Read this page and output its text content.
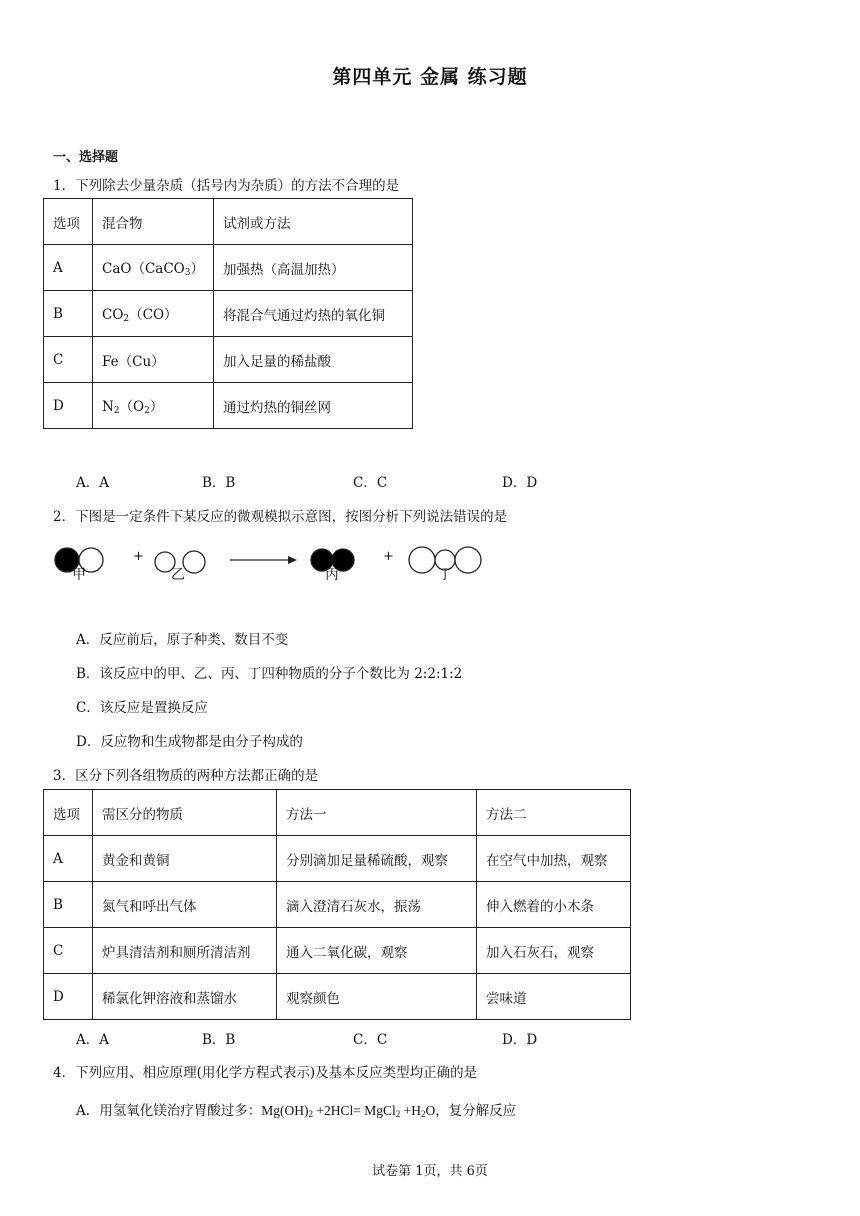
第四单元 金属 练习题
一、选择题
1．下列除去少量杂质（括号内为杂质）的方法不合理的是
选项	混合物	试剂或方法
A	CaO（CaCO$_3$）	加强热（高温加热）
B	$CO_2(CO)$	将混合气通过灼热的氧化铜
C	Fe（Cu）	加入足量的稀盐酸
D	$N_2(O_2)$	通过灼热的铜丝网
A．A	B．B	C．C	D．D
2．下图是一定条件下某反应的微观模拟示意图，按图分析下列说法错误的是
+	+
甲	乙	丙	丁
A．反应前后，原子种类、数目不变
B．该反应中的甲、乙、丙、丁四种物质的分子个数比为 2:2:1:2
C．该反应是置换反应
D．反应物和生成物都是由分子构成的
3．区分下列各组物质的两种方法都正确的是
选项	需区分的物质	方法一	方法二
A	黄金和黄铜	分别滴加足量稀硫酸，观察	在空气中加热，观察
B	氮气和呼出气体	滴入澄清石灰水，振荡	伸入燃着的小木条
C	炉具清洁剂和厕所清洁剂	通入二氧化碳，观察	加入石灰石，观察
D	稀氯化钾溶液和蒸馏水	观察颜色	尝味道
A．A	B．B	C．C	D．D
4．下列应用、相应原理(用化学方程式表示)及基本反应类型均正确的是
A．用氢氧化镁治疗胃酸过多：$Mg(OH)_2 +2HCl=$ MgCl$_2$ $+H_2O$，复分解反应
试卷第 1页，共 6页
